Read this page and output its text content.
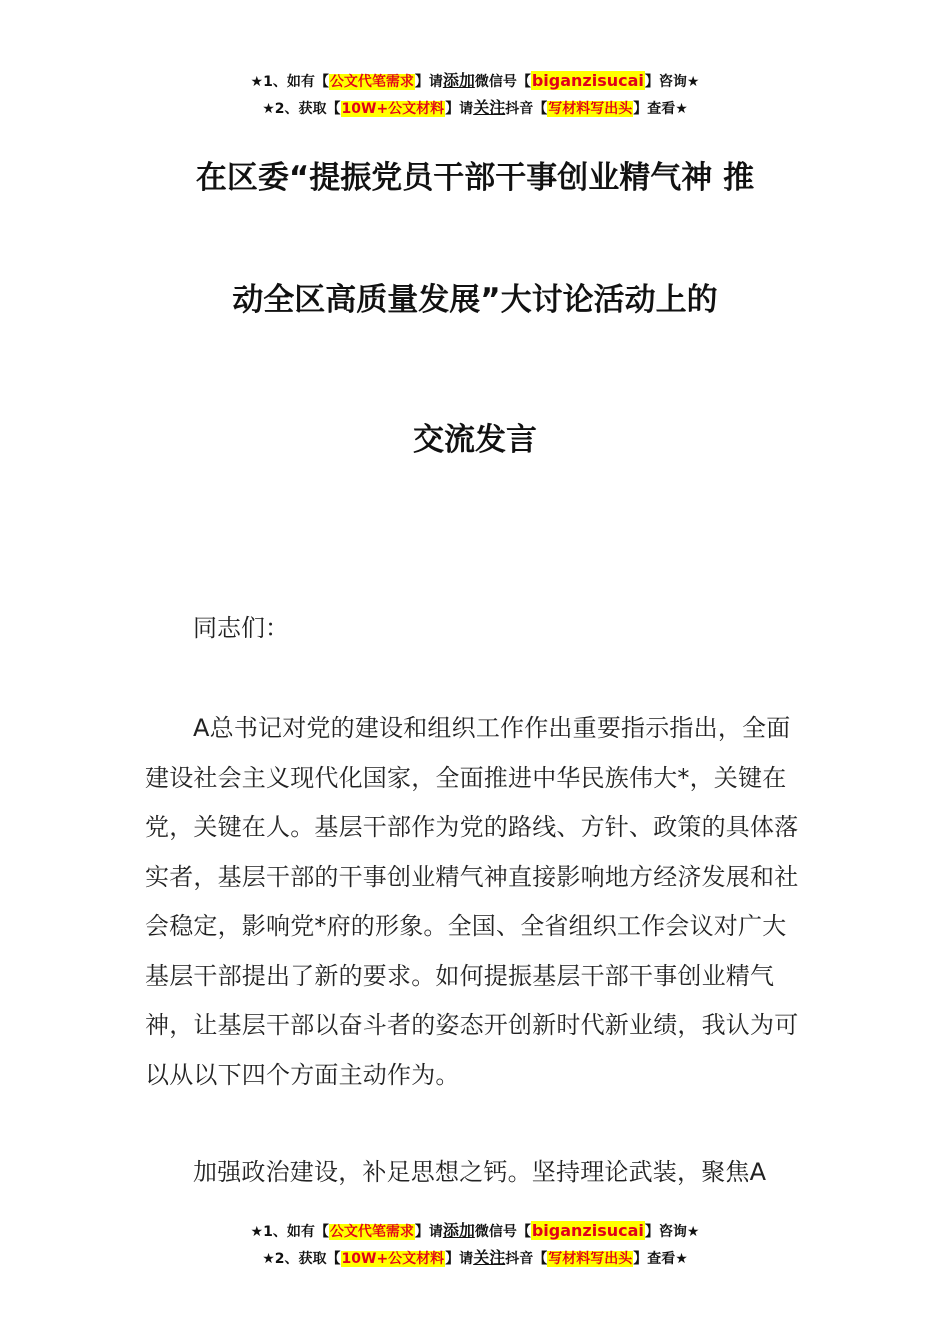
★1、如有【公文代笔需求】请添加微信号【biganzisucai】咨询★
★2、获取【10W+公文材料】请关注抖音【写材料写出头】查看★
在区委“提振党员干部干事创业精气神 推
动全区高质量发展”大讨论活动上的
交流发言
同志们：
A总书记对党的建设和组织工作作出重要指示指出，全面建设社会主义现代化国家，全面推进中华民族伟大*，关键在党，关键在人。基层干部作为党的路线、方针、政策的具体落实者，基层干部的干事创业精气神直接影响地方经济发展和社会稳定，影响党*府的形象。全国、全省组织工作会议对广大基层干部提出了新的要求。如何提振基层干部干事创业精气神，让基层干部以奋斗者的姿态开创新时代新业绩，我认为可以从以下四个方面主动作为。
加强政治建设，补足思想之钙。坚持理论武装，聚焦A
★1、如有【公文代笔需求】请添加微信号【biganzisucai】咨询★
★2、获取【10W+公文材料】请关注抖音【写材料写出头】查看★
